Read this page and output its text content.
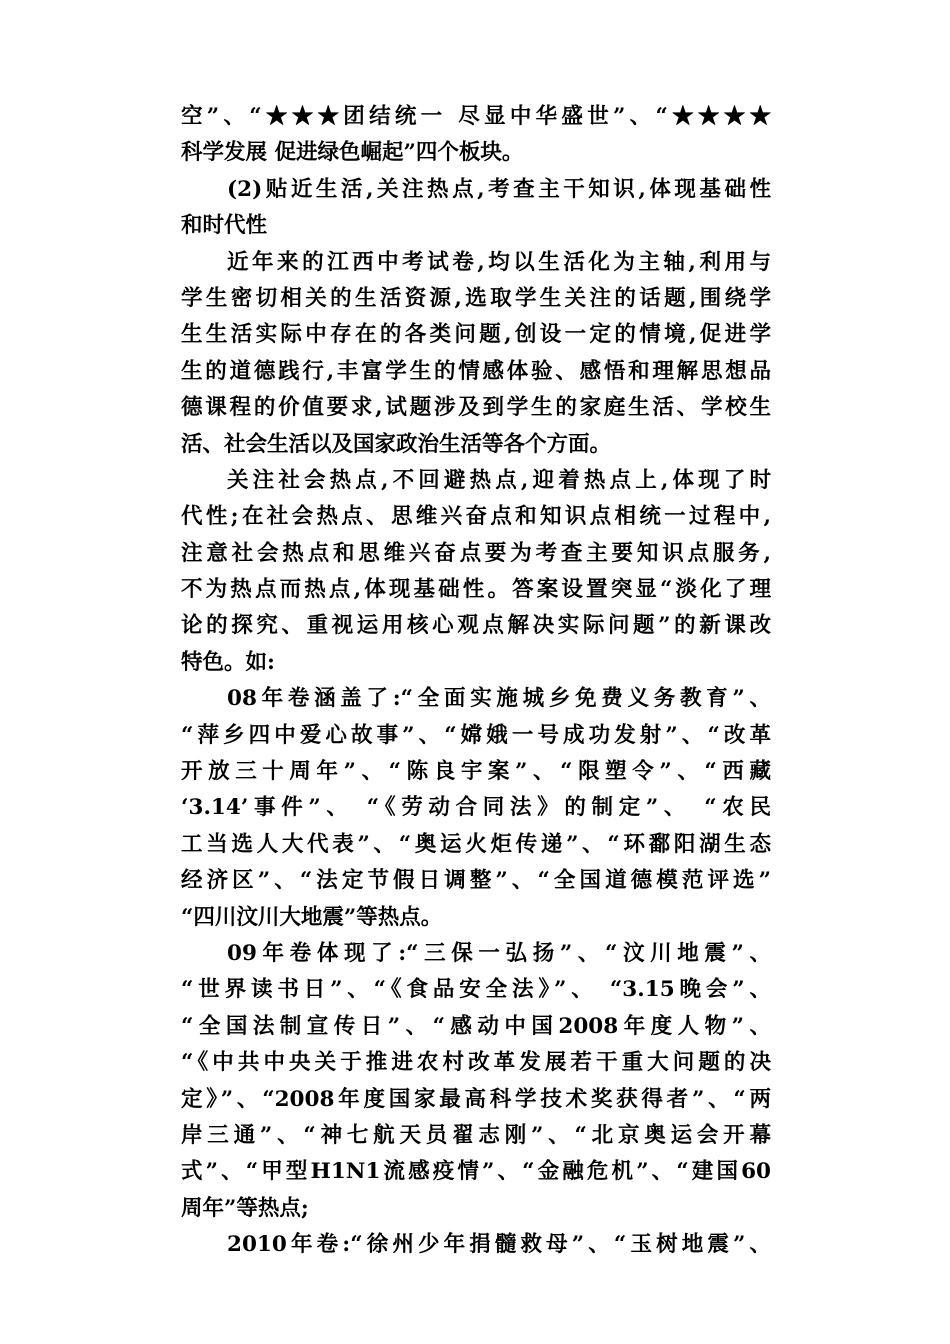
空”、“★★★团结统一 尽显中华盛世”、“★★★★
科学发展 促进绿色崛起”四个板块。
(2)贴近生活,关注热点,考查主干知识,体现基础性
和时代性
近年来的江西中考试卷,均以生活化为主轴,利用与
学生密切相关的生活资源,选取学生关注的话题,围绕学
生生活实际中存在的各类问题,创设一定的情境,促进学
生的道德践行,丰富学生的情感体验、感悟和理解思想品
德课程的价值要求,试题涉及到学生的家庭生活、学校生
活、社会生活以及国家政治生活等各个方面。
关注社会热点,不回避热点,迎着热点上,体现了时
代性;在社会热点、思维兴奋点和知识点相统一过程中,
注意社会热点和思维兴奋点要为考查主要知识点服务,
不为热点而热点,体现基础性。答案设置突显“淡化了理
论的探究、重视运用核心观点解决实际问题”的新课改
特色。如:
08年卷涵盖了:“全面实施城乡免费义务教育”、
“萍乡四中爱心故事”、“嫦娥一号成功发射”、“改革
开放三十周年”、“陈良宇案”、“限塑令”、“西藏
‘3.14’事件”、 “《劳动合同法》的制定”、 “农民
工当选人大代表”、“奥运火炬传递”、“环鄱阳湖生态
经济区”、“法定节假日调整”、“全国道德模范评选”
“四川汶川大地震”等热点。
09年卷体现了:“三保一弘扬”、“汶川地震”、
“世界读书日”、“《食品安全法》”、 “3.15晚会”、
“全国法制宣传日”、“感动中国2008年度人物”、
“《中共中央关于推进农村改革发展若干重大问题的决
定》”、“2008年度国家最高科学技术奖获得者”、“两
岸三通”、“神七航天员翟志刚”、“北京奥运会开幕
式”、“甲型H1N1流感疫情”、“金融危机”、“建国60
周年”等热点;
2010年卷:“徐州少年捐髓救母”、“玉树地震”、
